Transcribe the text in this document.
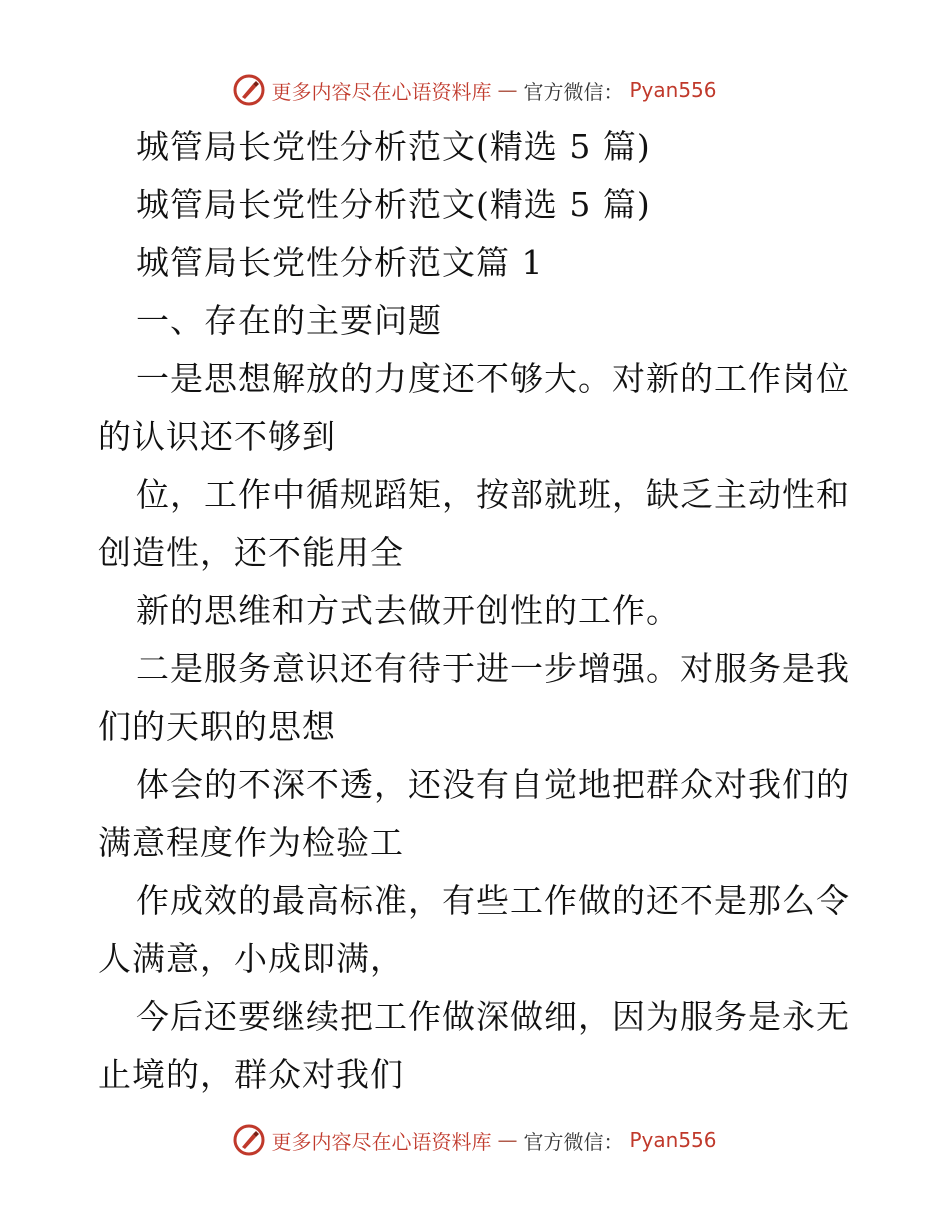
更多内容尽在心语资料库 — 官方微信： Pyan556
城管局长党性分析范文(精选 5 篇)
城管局长党性分析范文(精选 5 篇)
城管局长党性分析范文篇 1
一、存在的主要问题
一是思想解放的力度还不够大。对新的工作岗位
的认识还不够到
位，工作中循规蹈矩，按部就班，缺乏主动性和
创造性，还不能用全
新的思维和方式去做开创性的工作。
二是服务意识还有待于进一步增强。对服务是我
们的天职的思想
体会的不深不透，还没有自觉地把群众对我们的
满意程度作为检验工
作成效的最高标准，有些工作做的还不是那么令
人满意，小成即满，
今后还要继续把工作做深做细，因为服务是永无
止境的，群众对我们
更多内容尽在心语资料库 — 官方微信： Pyan556
